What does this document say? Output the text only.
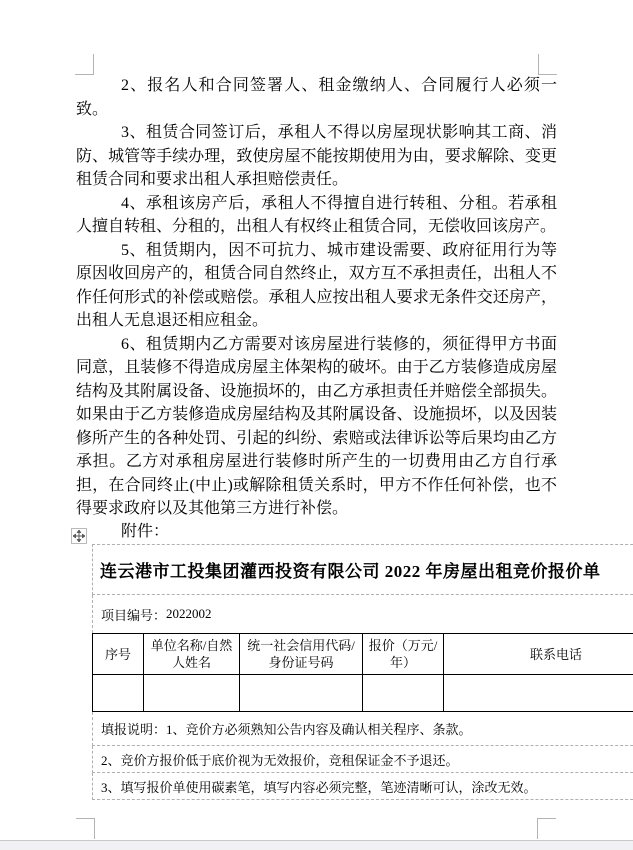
2、报名人和合同签署人、租金缴纳人、合同履行人必须一致。

3、租赁合同签订后，承租人不得以房屋现状影响其工商、消防、城管等手续办理，致使房屋不能按期使用为由，要求解除、变更租赁合同和要求出租人承担赔偿责任。

4、承租该房产后，承租人不得擅自进行转租、分租。若承租人擅自转租、分租的，出租人有权终止租赁合同，无偿收回该房产。

5、租赁期内，因不可抗力、城市建设需要、政府征用行为等原因收回房产的，租赁合同自然终止，双方互不承担责任，出租人不作任何形式的补偿或赔偿。承租人应按出租人要求无条件交还房产，出租人无息退还相应租金。

6、租赁期内乙方需要对该房屋进行装修的，须征得甲方书面同意，且装修不得造成房屋主体架构的破坏。由于乙方装修造成房屋结构及其附属设备、设施损坏的，由乙方承担责任并赔偿全部损失。如果由于乙方装修造成房屋结构及其附属设备、设施损坏，以及因装修所产生的各种处罚、引起的纠纷、索赔或法律诉讼等后果均由乙方承担。乙方对承租房屋进行装修时所产生的一切费用由乙方自行承担，在合同终止(中止)或解除租赁关系时，甲方不作任何补偿，也不得要求政府以及其他第三方进行补偿。

附件：
连云港市工投集团灌西投资有限公司 2022 年房屋出租竞价报价单
项目编号： 2022002
序号
单位名称/自然人姓名
统一社会信用代码/身份证号码
报价（万元/年）
联系电话
填报说明：1、竞价方必须熟知公告内容及确认相关程序、条款。
2、竞价方报价低于底价视为无效报价，竞租保证金不予退还。
3、填写报价单使用碳素笔，填写内容必须完整，笔迹清晰可认，涂改无效。
